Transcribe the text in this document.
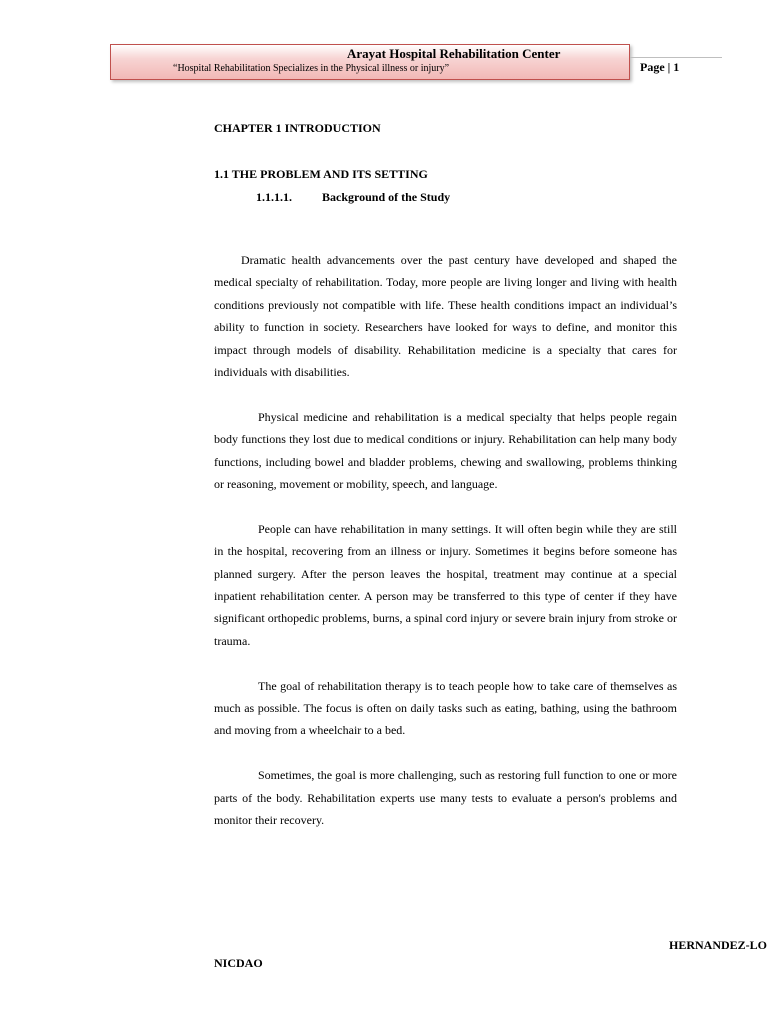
Arayat Hospital Rehabilitation Center
“Hospital Rehabilitation Specializes in the Physical illness or injury”	Page | 1
CHAPTER 1 INTRODUCTION
1.1 THE PROBLEM AND ITS SETTING
1.1.1.1.	Background of the Study

Dramatic health advancements over the past century have developed and shaped the medical specialty of rehabilitation. Today, more people are living longer and living with health conditions previously not compatible with life. These health conditions impact an individual’s ability to function in society. Researchers have looked for ways to define, and monitor this impact through models of disability. Rehabilitation medicine is a specialty that cares for individuals with disabilities.

Physical medicine and rehabilitation is a medical specialty that helps people regain body functions they lost due to medical conditions or injury. Rehabilitation can help many body functions, including bowel and bladder problems, chewing and swallowing, problems thinking or reasoning, movement or mobility, speech, and language.

People can have rehabilitation in many settings. It will often begin while they are still in the hospital, recovering from an illness or injury. Sometimes it begins before someone has planned surgery. After the person leaves the hospital, treatment may continue at a special inpatient rehabilitation center. A person may be transferred to this type of center if they have significant orthopedic problems, burns, a spinal cord injury or severe brain injury from stroke or trauma.

The goal of rehabilitation therapy is to teach people how to take care of themselves as much as possible. The focus is often on daily tasks such as eating, bathing, using the bathroom and moving from a wheelchair to a bed.

Sometimes, the goal is more challenging, such as restoring full function to one or more parts of the body. Rehabilitation experts use many tests to evaluate a person's problems and monitor their recovery.

HERNANDEZ-LO
NICDAO
